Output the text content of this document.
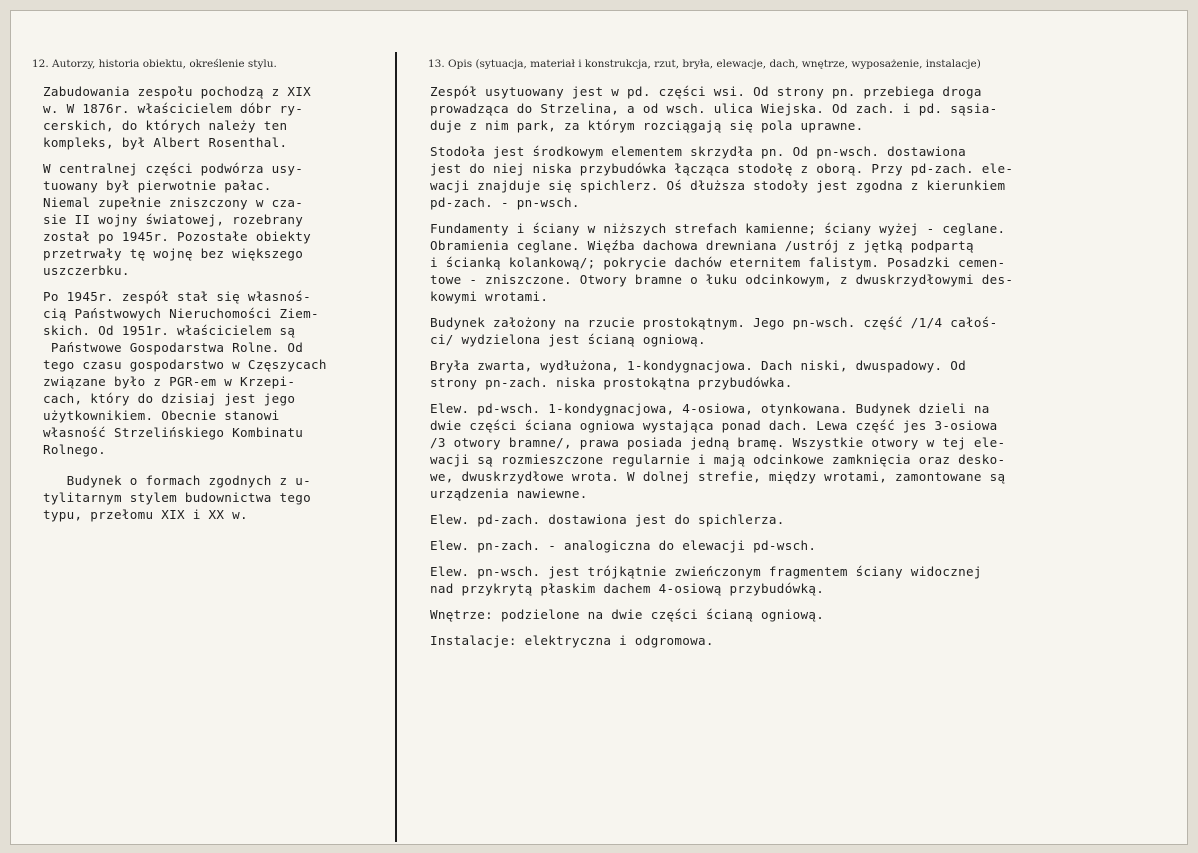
12. Autorzy, historia obiektu, określenie stylu.	13. Opis (sytuacja, materiał i konstrukcja, rzut, bryła, elewacje, dach, wnętrze, wyposażenie, instalacje)

Zabudowania zespołu pochodzą z XIX
w. W 1876r. właścicielem dóbr ry-
cerskich, do których należy ten
kompleks, był Albert Rosenthal.

W centralnej części podwórza usy-
tuowany był pierwotnie pałac.
Niemal zupełnie zniszczony w cza-
sie II wojny światowej, rozebrany
został po 1945r. Pozostałe obiekty
przetrwały tę wojnę bez większego
uszczerbku.

Po 1945r. zespół stał się własnoś-
cią Państwowych Nieruchomości Ziem-
skich. Od 1951r. właścicielem są
Państwowe Gospodarstwa Rolne. Od
tego czasu gospodarstwo w Częszycach
związane było z PGR-em w Krzepi-
cach, który do dzisiaj jest jego
użytkownikiem. Obecnie stanowi
własność Strzelińskiego Kombinatu
Rolnego.

Budynek o formach zgodnych z u-
tylitarnym stylem budownictwa tego
typu, przełomu XIX i XX w.

Zespół usytuowany jest w pd. części wsi. Od strony pn. przebiega droga
prowadząca do Strzelina, a od wsch. ulica Wiejska. Od zach. i pd. sąsia-
duje z nim park, za którym rozciągają się pola uprawne.

Stodoła jest środkowym elementem skrzydła pn. Od pn-wsch. dostawiona
jest do niej niska przybudówka łącząca stodołę z oborą. Przy pd-zach. ele-
wacji znajduje się spichlerz. Oś dłuższa stodoły jest zgodna z kierunkiem
pd-zach. - pn-wsch.

Fundamenty i ściany w niższych strefach kamienne; ściany wyżej - ceglane.
Obramienia ceglane. Więźba dachowa drewniana /ustrój z jętką podpartą
i ścianką kolankową/; pokrycie dachów eternitem falistym. Posadzki cemen-
towe - zniszczone. Otwory bramne o łuku odcinkowym, z dwuskrzydłowymi des-
kowymi wrotami.

Budynek założony na rzucie prostokątnym. Jego pn-wsch. część /1/4 całoś-
ci/ wydzielona jest ścianą ogniową.

Bryła zwarta, wydłużona, 1-kondygnacjowa. Dach niski, dwuspadowy. Od
strony pn-zach. niska prostokątna przybudówka.

Elew. pd-wsch. 1-kondygnacjowa, 4-osiowa, otynkowana. Budynek dzieli na
dwie części ściana ogniowa wystająca ponad dach. Lewa część jes 3-osiowa
/3 otwory bramne/, prawa posiada jedną bramę. Wszystkie otwory w tej ele-
wacji są rozmieszczone regularnie i mają odcinkowe zamknięcia oraz desko-
we, dwuskrzydłowe wrota. W dolnej strefie, między wrotami, zamontowane są
urządzenia nawiewne.

Elew. pd-zach. dostawiona jest do spichlerza.

Elew. pn-zach. - analogiczna do elewacji pd-wsch.

Elew. pn-wsch. jest trójkątnie zwieńczonym fragmentem ściany widocznej
nad przykrytą płaskim dachem 4-osiową przybudówką.

Wnętrze: podzielone na dwie części ścianą ogniową.

Instalacje: elektryczna i odgromowa.
